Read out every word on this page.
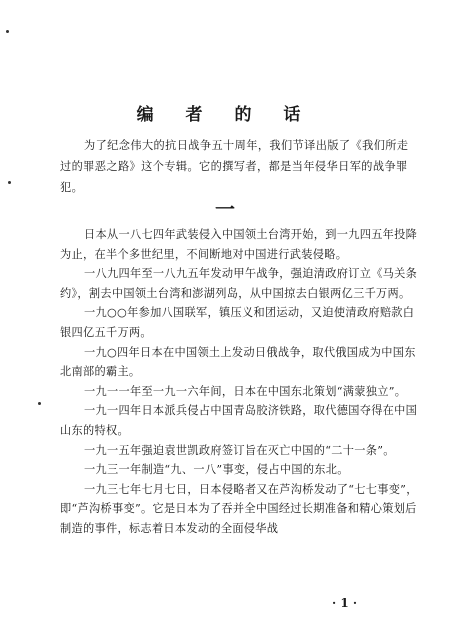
编 者 的 话
为了纪念伟大的抗日战争五十周年，我们节译出版了《我们所走过的罪恶之路》这个专辑。它的撰写者，都是当年侵华日军的战争罪犯。
一

日本从一八七四年武装侵入中国领土台湾开始，到一九四五年投降为止，在半个多世纪里，不间断地对中国进行武装侵略。

一八九四年至一八九五年发动甲午战争，强迫清政府订立《马关条约》，割去中国领土台湾和澎湖列岛，从中国掠去白银两亿三千万两。

一九○○年参加八国联军，镇压义和团运动，又迫使清政府赔款白银四亿五千万两。

一九○四年日本在中国领土上发动日俄战争，取代俄国成为中国东北南部的霸主。

一九一一年至一九一六年间，日本在中国东北策划“满蒙独立”。

一九一四年日本派兵侵占中国青岛胶济铁路，取代德国夺得在中国山东的特权。

一九一五年强迫袁世凯政府签订旨在灭亡中国的“二十一条”。

一九三一年制造“九、一八”事变，侵占中国的东北。

一九三七年七月七日，日本侵略者又在芦沟桥发动了“七七事变”，即“芦沟桥事变”。它是日本为了吞并全中国经过长期准备和精心策划后制造的事件，标志着日本发动的全面侵华战

· 1 ·
